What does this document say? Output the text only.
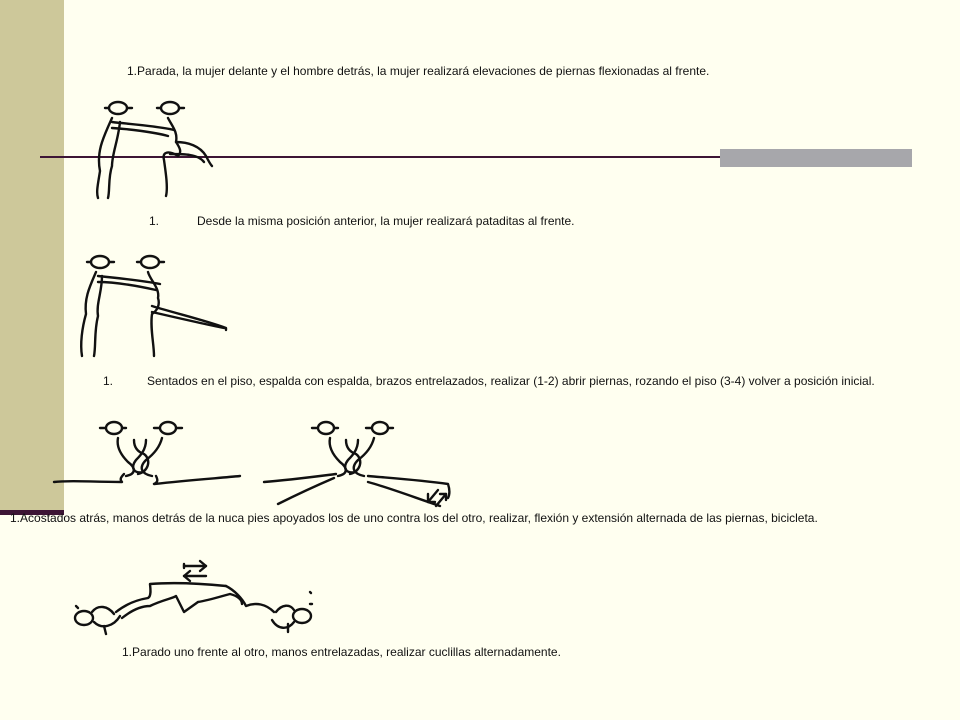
1.Parada, la mujer delante y el hombre detrás, la mujer realizará elevaciones de piernas flexionadas al frente.
1.	Desde la misma posición anterior, la mujer realizará pataditas al frente.
1.	Sentados en el piso, espalda con espalda, brazos entrelazados, realizar (1-2) abrir piernas, rozando el piso (3-4) volver a posición inicial.
1.Acostados atrás, manos detrás de la nuca pies apoyados los de uno contra los del otro, realizar, flexión y extensión alternada de las piernas, bicicleta.
1.Parado uno frente al otro, manos entrelazadas, realizar cuclillas alternadamente.
